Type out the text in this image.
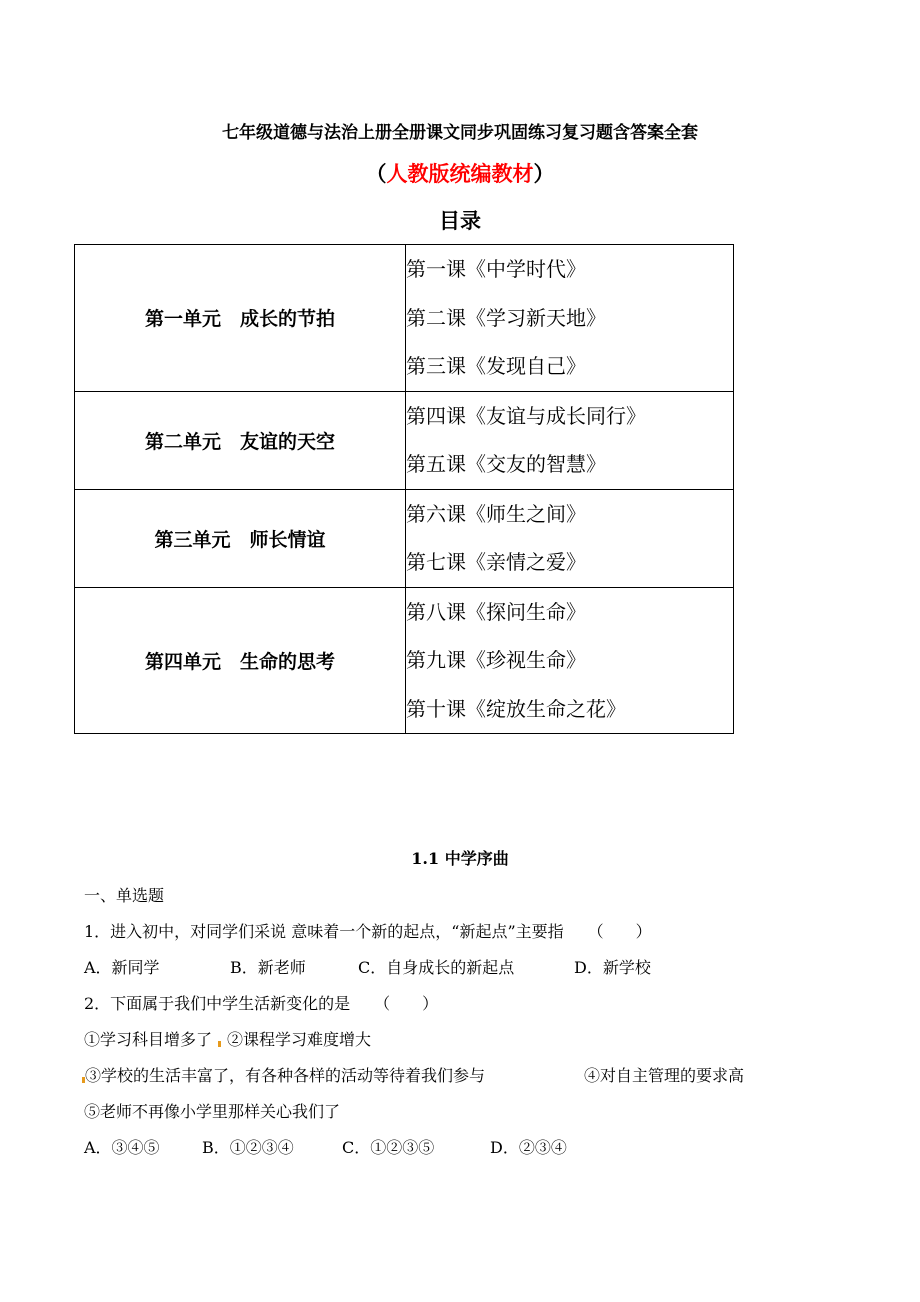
七年级道德与法治上册全册课文同步巩固练习复习题含答案全套
（人教版统编教材）
目录
第一单元　成长的节拍	第一课《中学时代》
第二课《学习新天地》
第三课《发现自己》

第二单元　友谊的天空	第四课《友谊与成长同行》
第五课《交友的智慧》

第三单元　师长情谊	第六课《师生之间》
第七课《亲情之爱》

第四单元　生命的思考	第八课《探问生命》
第九课《珍视生命》
第十课《绽放生命之花》
1.1 中学序曲
一、单选题
1．进入初中，对同学们采说 意味着一个新的起点，“新起点”主要指　　（　　）
A．新同学	B．新老师	C．自身成长的新起点	D．新学校
2．下面属于我们中学生活新变化的是　　（　　）
①学习科目增多了 ②课程学习难度增大
③学校的生活丰富了，有各种各样的活动等待着我们参与	④对自主管理的要求高
⑤老师不再像小学里那样关心我们了
A．③④⑤	B．①②③④	C．①②③⑤	D．②③④
